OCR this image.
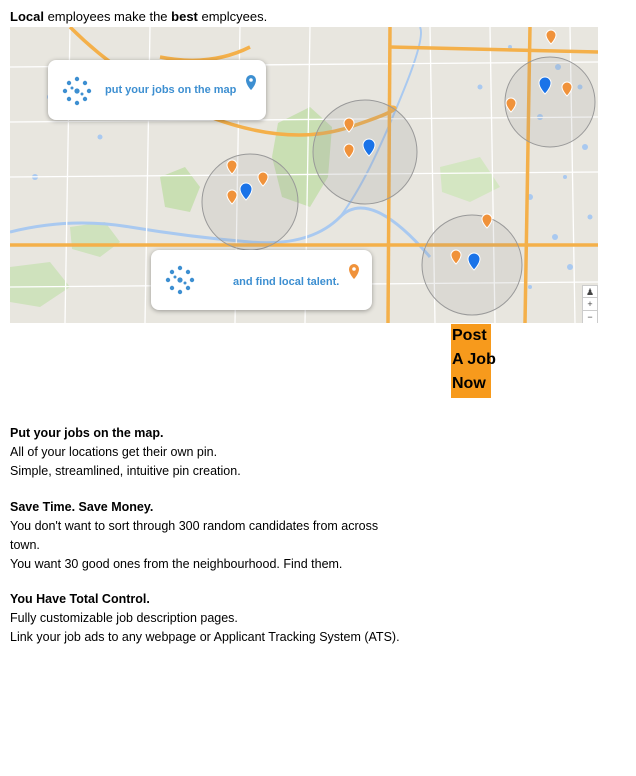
Local employees make the best emplcyees.
put your jobs on the map
and find local talent.
♟
+
−
Post
A Job
Now

Put your jobs on the map.

All of your locations get their own pin.

Simple, streamlined, intuitive pin creation.

Save Time. Save Money.

You don't want to sort through 300 random candidates from across

town.

You want 30 good ones from the neighbourhood. Find them.

You Have Total Control.

Fully customizable job description pages.

Link your job ads to any webpage or Applicant Tracking System (ATS).
